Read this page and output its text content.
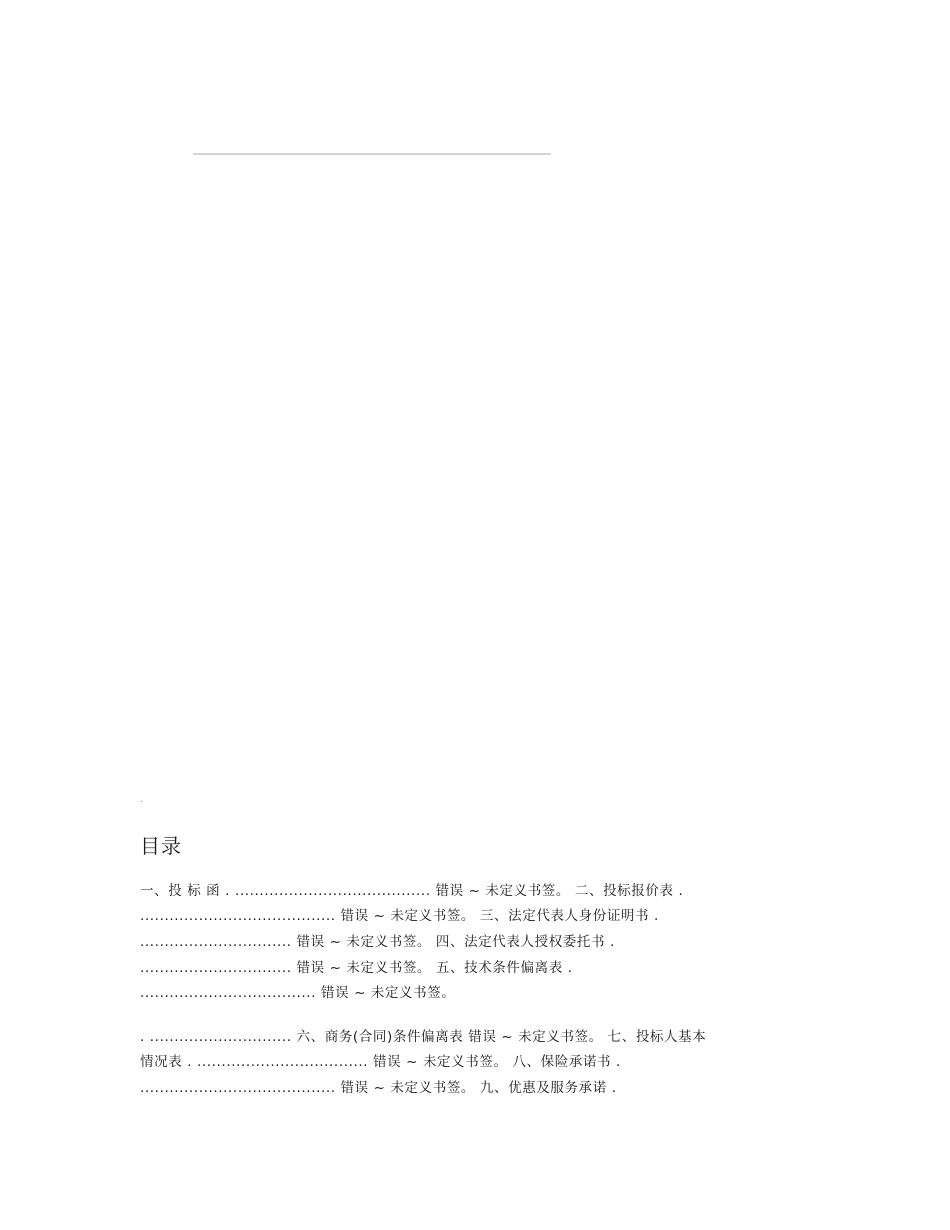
.
目录
一、投 标 函 . ........................................ 错误 ~ 未定义书签。 二、投标报价表 .
........................................ 错误 ~ 未定义书签。 三、法定代表人身份证明书 .
............................... 错误 ~ 未定义书签。 四、法定代表人授权委托书 .
............................... 错误 ~ 未定义书签。 五、技术条件偏离表 .
.................................... 错误 ~ 未定义书签。
. ............................. 六、商务(合同)条件偏离表 错误 ~ 未定义书签。 七、投标人基本
情况表 . ................................... 错误 ~ 未定义书签。 八、保险承诺书 .
........................................ 错误 ~ 未定义书签。 九、优惠及服务承诺 .
